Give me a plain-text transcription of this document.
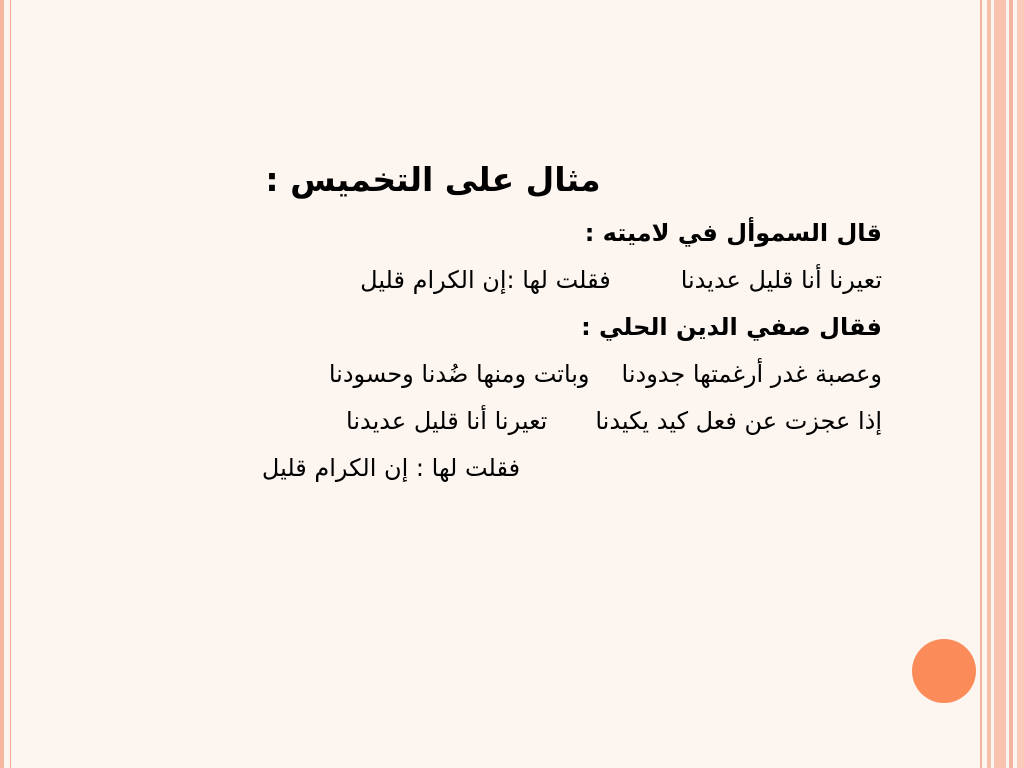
مثال على التخميس :

قال السموأل في لاميته :

تعيرنا أنا قليل عديدنافقلت لها :إن الكرام قليل

فقال صفي الدين الحلي :

وعصبة غدر أرغمتها جدودناوباتت ومنها ضُدنا وحسودنا

إذا عجزت عن فعل كيد يكيدناتعيرنا أنا قليل عديدنا

فقلت لها : إن الكرام قليل
